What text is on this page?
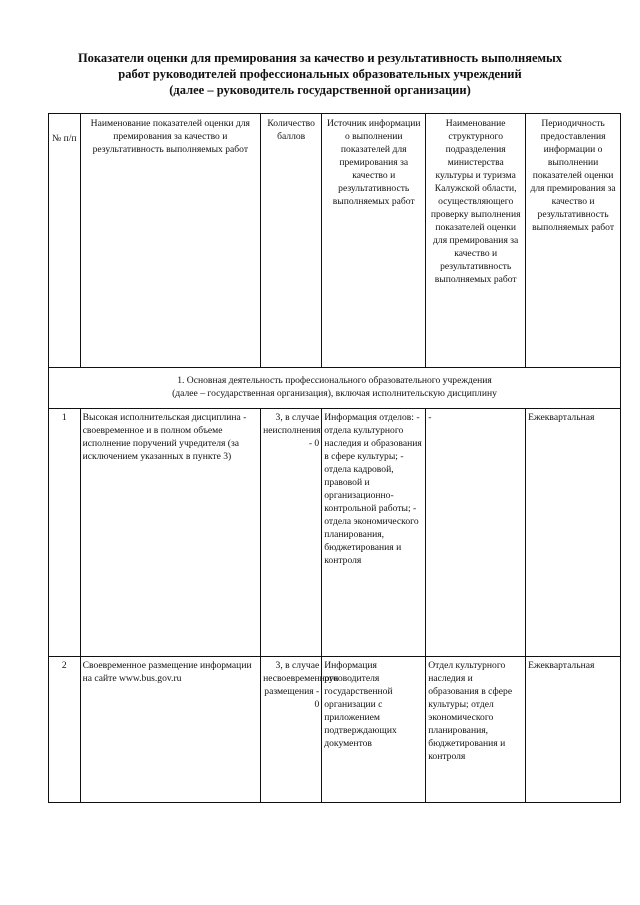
Показатели оценки для премирования за качество и результативность выполняемых
работ руководителей профессиональных образовательных учреждений
(далее – руководитель государственной организации)
№ п/п	Наименование показателей оценки для премирования за качество и результативность выполняемых работ	Количество баллов	Источник информации о выполнении показателей для премирования за качество и результативность выполняемых работ	Наименование структурного подразделения министерства культуры и туризма Калужской области, осуществляющего проверку выполнения показателей оценки для премирования за качество и результативность выполняемых работ	Периодичность предоставления информации о выполнении показателей оценки для премирования за качество и результативность выполняемых работ

1. Основная деятельность профессионального образовательного учреждения
(далее – государственная организация), включая исполнительскую дисциплину					

1	Высокая исполнительская дисциплина - своевременное и в полном объеме исполнение поручений учредителя (за исключением указанных в пункте 3)	3, в случае неисполнения - 0	Информация отделов: - отдела культурного наследия и образования в сфере культуры; - отдела кадровой, правовой и организационно-контрольной работы; - отдела экономического планирования, бюджетирования и контроля	-	Ежеквартальная
2	Своевременное размещение информации на сайте www.bus.gov.ru	3, в случае несвоевременного размещения - 0	Информация руководителя государственной организации с приложением подтверждающих документов	Отдел культурного наследия и образования в сфере культуры; отдел экономического планирования, бюджетирования и контроля	Ежеквартальная
